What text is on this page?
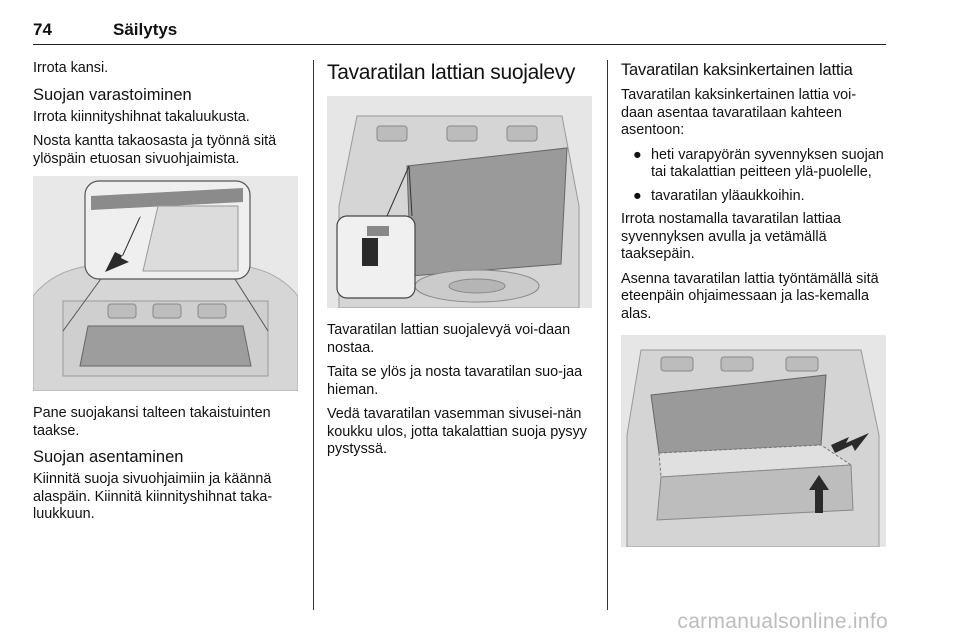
74	Säilytys

Irrota kansi.

Suojan varastoiminen

Irrota kiinnityshihnat takaluukusta.

Nosta kantta takaosasta ja työnnä sitä ylöspäin etuosan sivuohjaimista.

Pane suojakansi talteen takaistuinten taakse.

Suojan asentaminen

Kiinnitä suoja sivuohjaimiin ja käännä alaspäin. Kiinnitä kiinnityshihnat taka-luukkuun.

Tavaratilan lattian suojalevy

Tavaratilan lattian suojalevyä voi-daan nostaa.

Taita se ylös ja nosta tavaratilan suo-jaa hieman.

Vedä tavaratilan vasemman sivusei-nän koukku ulos, jotta takalattian suoja pysyy pystyssä.

Tavaratilan kaksinkertainen lattia

Tavaratilan kaksinkertainen lattia voi-daan asentaa tavaratilaan kahteen asentoon:

● heti varapyörän syvennyksen suojan tai takalattian peitteen ylä-puolelle,
● tavaratilan yläaukkoihin.

Irrota nostamalla tavaratilan lattiaa syvennyksen avulla ja vetämällä taaksepäin.

Asenna tavaratilan lattia työntämällä sitä eteenpäin ohjaimessaan ja las-kemalla alas.

carmanualsonline.info
